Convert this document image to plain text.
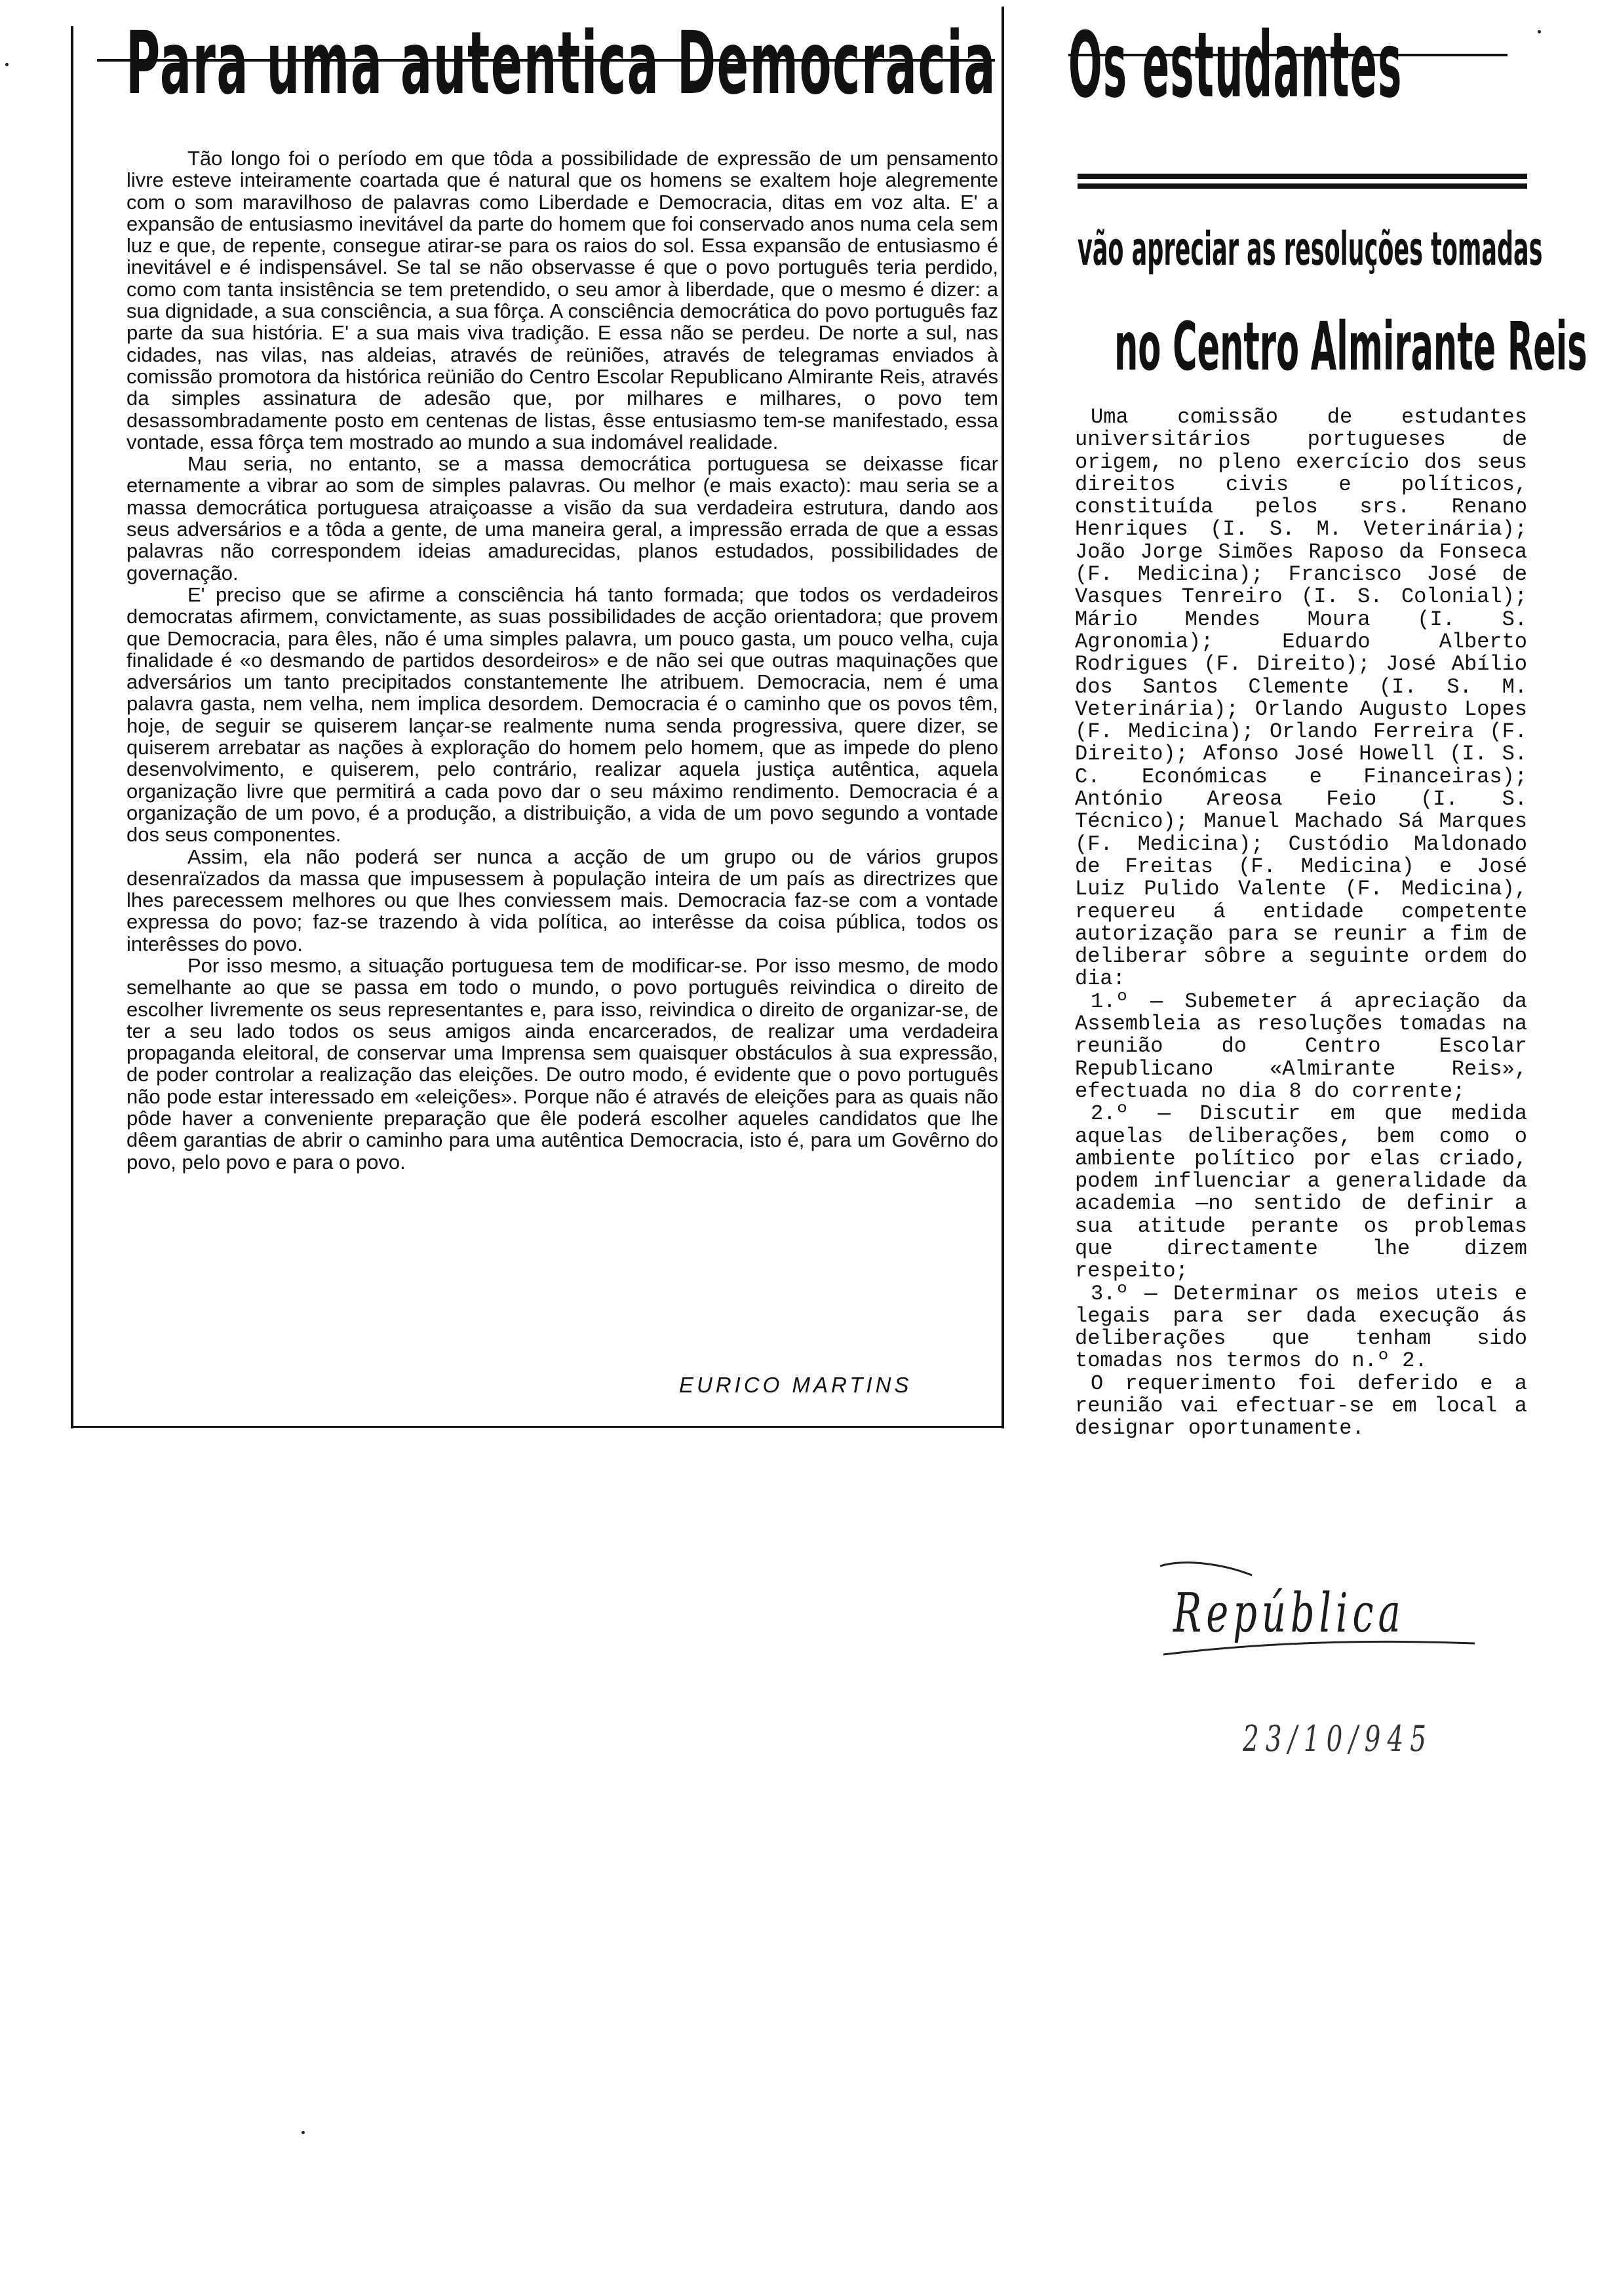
Para uma autentica Democracia

Tão longo foi o período em que tôda a possibilidade de expressão de um pensamento livre esteve inteiramente coartada que é natural que os homens se exaltem hoje alegremente com o som maravilhoso de palavras como Liberdade e Democracia, ditas em voz alta. E' a expansão de entusiasmo inevitável da parte do homem que foi conservado anos numa cela sem luz e que, de repente, consegue atirar-se para os raios do sol. Essa expansão de entusiasmo é inevitável e é indispensável. Se tal se não observasse é que o povo português teria perdido, como com tanta insistência se tem pretendido, o seu amor à liberdade, que o mesmo é dizer: a sua dignidade, a sua consciência, a sua fôrça. A consciência democrática do povo português faz parte da sua história. E' a sua mais viva tradição. E essa não se perdeu. De norte a sul, nas cidades, nas vilas, nas aldeias, através de reüniões, através de telegramas enviados à comissão promotora da histórica reünião do Centro Escolar Republicano Almirante Reis, através da simples assinatura de adesão que, por milhares e milhares, o povo tem desassombradamente posto em centenas de listas, êsse entusiasmo tem-se manifestado, essa vontade, essa fôrça tem mostrado ao mundo a sua indomável realidade.

Mau seria, no entanto, se a massa democrática portuguesa se deixasse ficar eternamente a vibrar ao som de simples palavras. Ou melhor (e mais exacto): mau seria se a massa democrática portuguesa atraiçoasse a visão da sua verdadeira estrutura, dando aos seus adversários e a tôda a gente, de uma maneira geral, a impressão errada de que a essas palavras não correspondem ideias amadurecidas, planos estudados, possibilidades de governação.

E' preciso que se afirme a consciência há tanto formada; que todos os verdadeiros democratas afirmem, convictamente, as suas possibilidades de acção orientadora; que provem que Democracia, para êles, não é uma simples palavra, um pouco gasta, um pouco velha, cuja finalidade é «o desmando de partidos desordeiros» e de não sei que outras maquinações que adversários um tanto precipitados constantemente lhe atribuem. Democracia, nem é uma palavra gasta, nem velha, nem implica desordem. Democracia é o caminho que os povos têm, hoje, de seguir se quiserem lançar-se realmente numa senda progressiva, quere dizer, se quiserem arrebatar as nações à exploração do homem pelo homem, que as impede do pleno desenvolvimento, e quiserem, pelo contrário, realizar aquela justiça autêntica, aquela organização livre que permitirá a cada povo dar o seu máximo rendimento. Democracia é a organização de um povo, é a produção, a distribuição, a vida de um povo segundo a vontade dos seus componentes.

Assim, ela não poderá ser nunca a acção de um grupo ou de vários grupos desenraïzados da massa que impusessem à população inteira de um país as directrizes que lhes parecessem melhores ou que lhes conviessem mais. Democracia faz-se com a vontade expressa do povo; faz-se trazendo à vida política, ao interêsse da coisa pública, todos os interêsses do povo.

Por isso mesmo, a situação portuguesa tem de modificar-se. Por isso mesmo, de modo semelhante ao que se passa em todo o mundo, o povo português reivindica o direito de escolher livremente os seus representantes e, para isso, reivindica o direito de organizar-se, de ter a seu lado todos os seus amigos ainda encarcerados, de realizar uma verdadeira propaganda eleitoral, de conservar uma Imprensa sem quaisquer obstáculos à sua expressão, de poder controlar a realização das eleições. De outro modo, é evidente que o povo português não pode estar interessado em «eleições». Porque não é através de eleições para as quais não pôde haver a conveniente preparação que êle poderá escolher aqueles candidatos que lhe dêem garantias de abrir o caminho para uma autêntica Democracia, isto é, para um Govêrno do povo, pelo povo e para o povo.

EURICO MARTINS
Os estudantes
vão apreciar as resoluções tomadas
no Centro Almirante Reis

Uma comissão de estudantes universitários portugueses de origem, no pleno exercício dos seus direitos civis e políticos, constituída pelos srs. Renano Henriques (I. S. M. Veterinária); João Jorge Simões Raposo da Fonseca (F. Medicina); Francisco José de Vasques Tenreiro (I. S. Colonial); Mário Mendes Moura (I. S. Agronomia); Eduardo Alberto Rodrigues (F. Direito); José Abílio dos Santos Clemente (I. S. M. Veterinária); Orlando Augusto Lopes (F. Medicina); Orlando Ferreira (F. Direito); Afonso José Howell (I. S. C. Económicas e Financeiras); António Areosa Feio (I. S. Técnico); Manuel Machado Sá Marques (F. Medicina); Custódio Maldonado de Freitas (F. Medicina) e José Luiz Pulido Valente (F. Medicina), requereu á entidade competente autorização para se reunir a fim de deliberar sôbre a seguinte ordem do dia:

1.º — Subemeter á apreciação da Assembleia as resoluções tomadas na reunião do Centro Escolar Republicano «Almirante Reis», efectuada no dia 8 do corrente;

2.º — Discutir em que medida aquelas deliberações, bem como o ambiente político por elas criado, podem influenciar a generalidade da academia —no sentido de definir a sua atitude perante os problemas que directamente lhe dizem respeito;

3.º — Determinar os meios uteis e legais para ser dada execução ás deliberações que tenham sido tomadas nos termos do n.º 2.

O requerimento foi deferido e a reunião vai efectuar-se em local a designar oportunamente.

República
23/10/945
